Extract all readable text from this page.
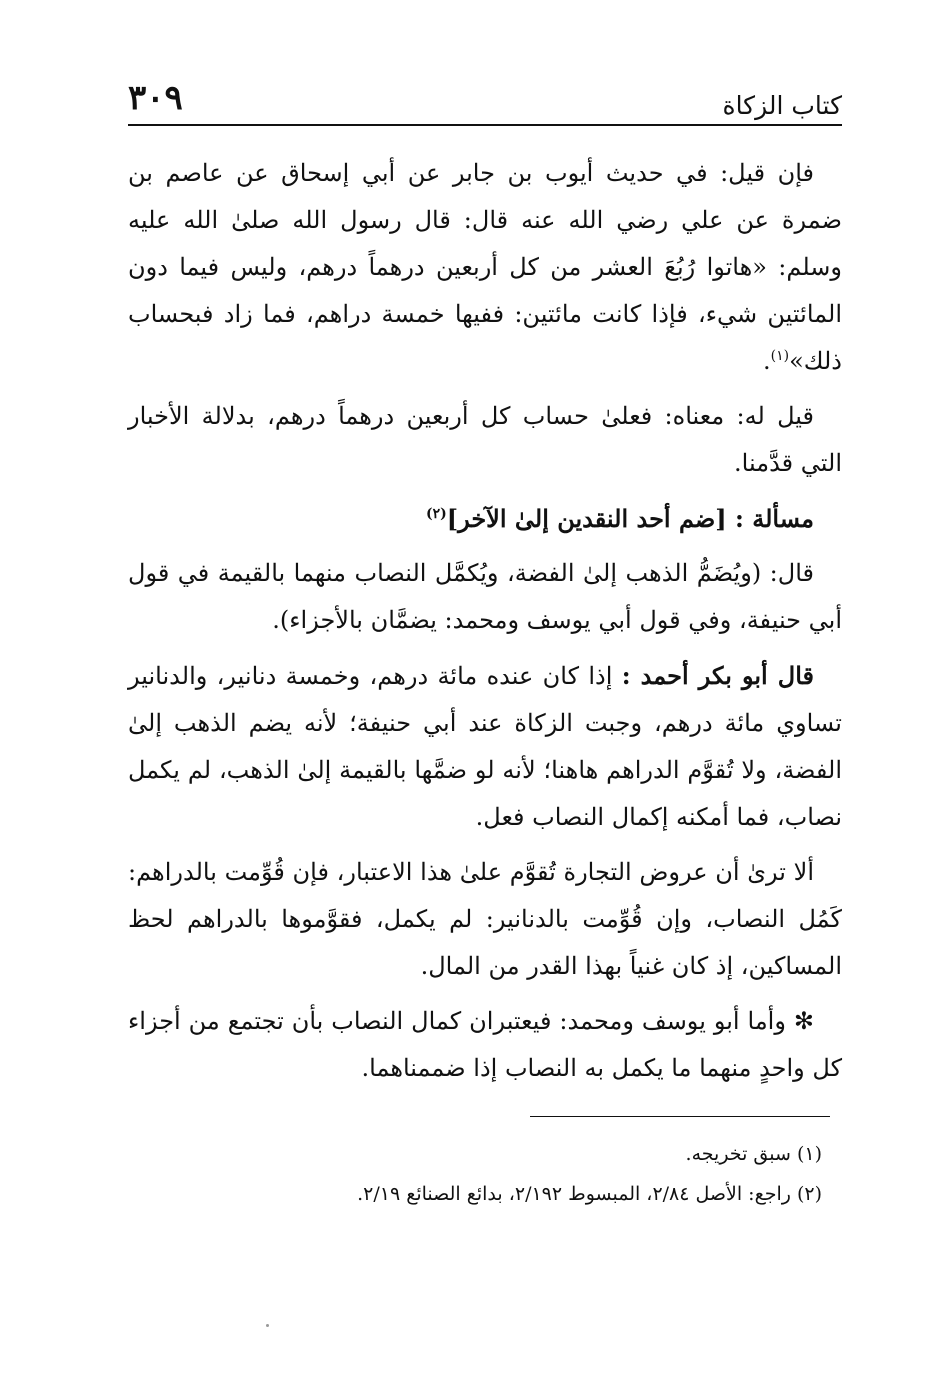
كتاب الزكاة
٣٠٩

فإن قيل: في حديث أيوب بن جابر عن أبي إسحاق عن عاصم بن ضمرة عن علي رضي الله عنه قال: قال رسول الله صلىٰ الله عليه وسلم: «هاتوا رُبُعَ العشر من كل أربعين درهماً درهم، وليس فيما دون المائتين شيء، فإذا كانت مائتين: ففيها خمسة دراهم، فما زاد فبحساب ذلك»$^{(١)}$.

قيل له: معناه: فعلىٰ حساب كل أربعين درهماً درهم، بدلالة الأخبار التي قدَّمنا.

مسألة : [ضم أحد النقدين إلىٰ الآخر]$^{(٢)}$

قال: (ويُضَمُّ الذهب إلىٰ الفضة، ويُكمَّل النصاب منهما بالقيمة في قول أبي حنيفة، وفي قول أبي يوسف ومحمد: يضمَّان بالأجزاء).

قال أبو بكر أحمد : إذا كان عنده مائة درهم، وخمسة دنانير، والدنانير تساوي مائة درهم، وجبت الزكاة عند أبي حنيفة؛ لأنه يضم الذهب إلىٰ الفضة، ولا تُقوَّم الدراهم هاهنا؛ لأنه لو ضمَّها بالقيمة إلىٰ الذهب، لم يكمل نصاب، فما أمكنه إكمال النصاب فعل.

ألا ترىٰ أن عروض التجارة تُقوَّم علىٰ هذا الاعتبار، فإن قُوِّمت بالدراهم: كَمُل النصاب، وإن قُوِّمت بالدنانير: لم يكمل، فقوَّموها بالدراهم لحظ المساكين، إذ كان غنياً بهذا القدر من المال.

✻ وأما أبو يوسف ومحمد: فيعتبران كمال النصاب بأن تجتمع من أجزاء كل واحدٍ منهما ما يكمل به النصاب إذا ضممناهما.

(١) سبق تخريجه.
(٢) راجع: الأصل ٢/٨٤، المبسوط ٢/١٩٢، بدائع الصنائع ٢/١٩.
